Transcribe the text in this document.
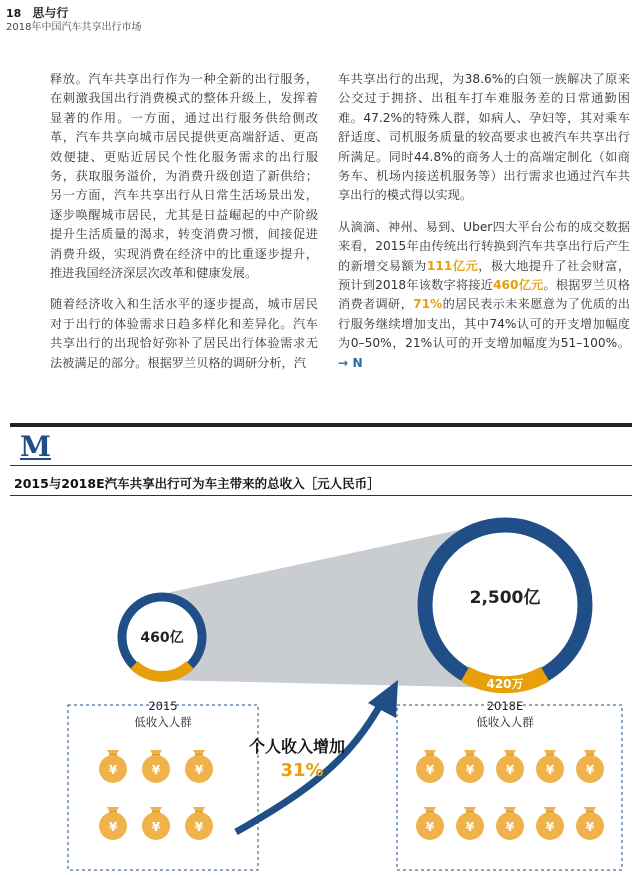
18 思与行
2018年中国汽车共享出行市场

释放。汽车共享出行作为一种全新的出行服务，在刺激我国出行消费模式的整体升级上，发挥着显著的作用。一方面，通过出行服务供给侧改革，汽车共享向城市居民提供更高端舒适、更高效便捷、更贴近居民个性化服务需求的出行服务，获取服务溢价，为消费升级创造了新供给；另一方面，汽车共享出行从日常生活场景出发，逐步唤醒城市居民，尤其是日益崛起的中产阶级提升生活质量的渴求，转变消费习惯，间接促进消费升级，实现消费在经济中的比重逐步提升，推进我国经济深层次改革和健康发展。

随着经济收入和生活水平的逐步提高，城市居民对于出行的体验需求日趋多样化和差异化。汽车共享出行的出现恰好弥补了居民出行体验需求无法被满足的部分。根据罗兰贝格的调研分析，汽

车共享出行的出现，为38.6%的白领一族解决了原来公交过于拥挤、出租车打车难服务差的日常通勤困难。47.2%的特殊人群，如病人、孕妇等，其对乘车舒适度、司机服务质量的较高要求也被汽车共享出行所满足。同时44.8%的商务人士的高端定制化（如商务车、机场内接送机服务等）出行需求也通过汽车共享出行的模式得以实现。

从滴滴、神州、易到、Uber四大平台公布的成交数据来看，2015年由传统出行转换到汽车共享出行后产生的新增交易额为111亿元，极大地提升了社会财富，预计到2018年该数字将接近460亿元。根据罗兰贝格消费者调研，71%的居民表示未来愿意为了优质的出行服务继续增加支出，其中74%认可的开支增加幅度为0–50%，21%认可的开支增加幅度为51–100%。 → N

M
2015与2018E汽车共享出行可为车主带来的总收入［元人民币］
¥
¥
¥
¥
¥
¥
¥
¥
¥
¥
¥
¥
¥
¥
¥
¥
460亿
154万
2015
低收入人群
2,500亿
420万
2018E
低收入人群
个人收入增加
31%
